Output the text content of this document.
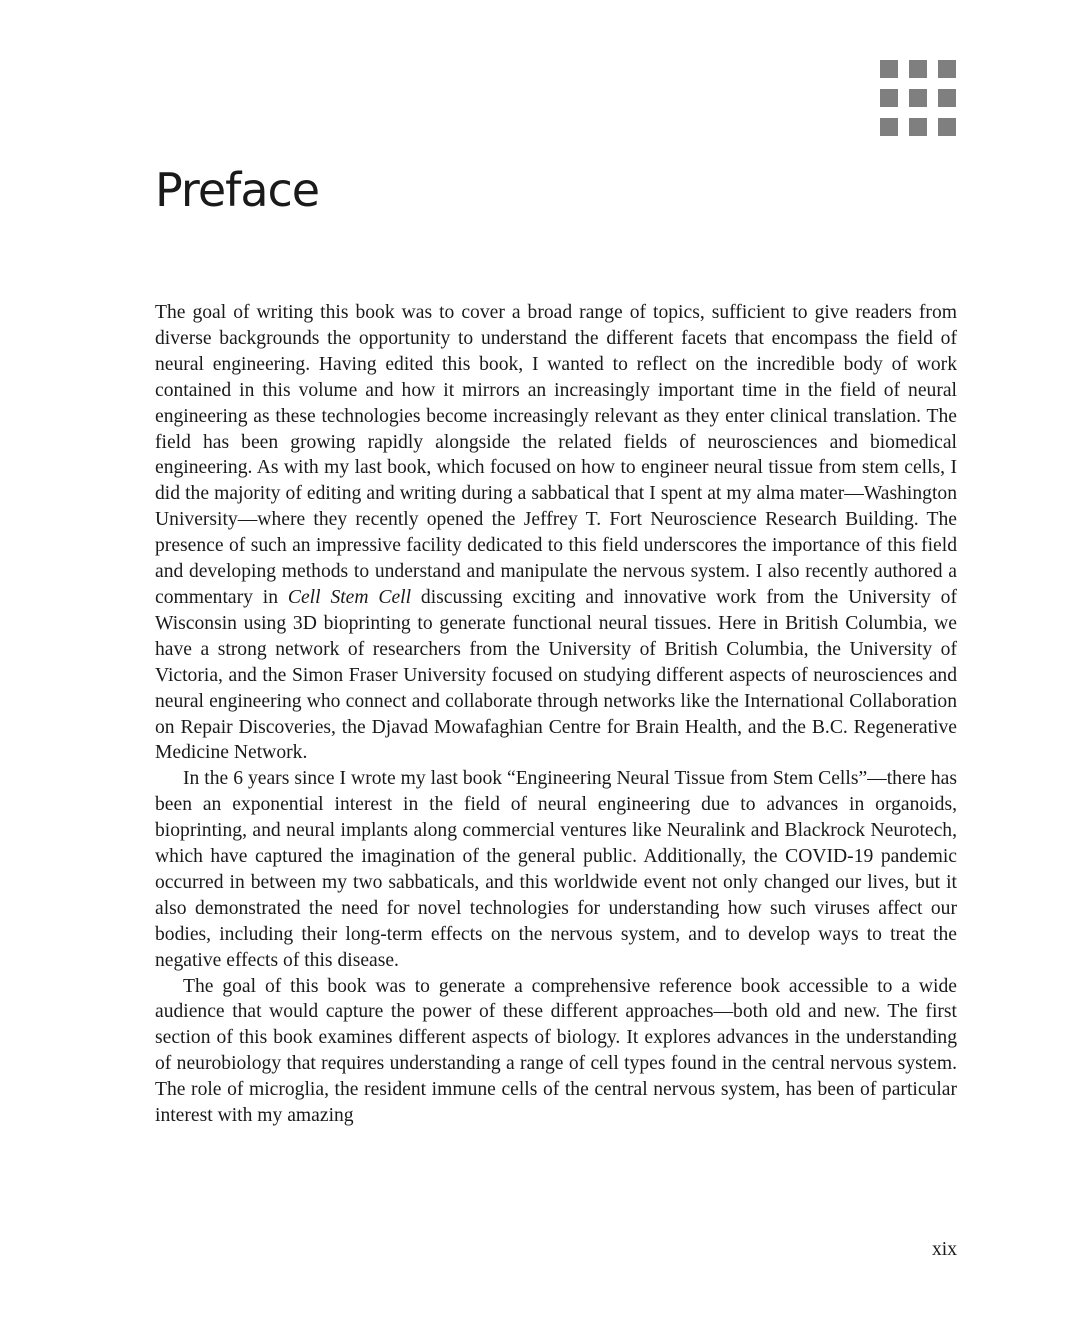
Preface

The goal of writing this book was to cover a broad range of topics, sufficient to give readers from diverse backgrounds the opportunity to understand the different facets that encompass the field of neural engineering. Having edited this book, I wanted to reflect on the incredible body of work contained in this volume and how it mirrors an increasingly important time in the field of neural engineering as these technologies become increasingly relevant as they enter clinical translation. The field has been growing rapidly alongside the related fields of neurosciences and biomedical engineering. As with my last book, which focused on how to engineer neural tissue from stem cells, I did the majority of editing and writing during a sabbatical that I spent at my alma mater—Washington University—where they recently opened the Jeffrey T. Fort Neuroscience Research Building. The presence of such an impressive facility dedicated to this field underscores the importance of this field and developing methods to understand and manipulate the nervous system. I also recently authored a commentary in Cell Stem Cell discussing exciting and innovative work from the University of Wisconsin using 3D bioprinting to generate functional neural tissues. Here in British Columbia, we have a strong network of researchers from the University of British Columbia, the University of Victoria, and the Simon Fraser University focused on studying different aspects of neurosciences and neural engineering who connect and collaborate through networks like the International Collaboration on Repair Discoveries, the Djavad Mowafaghian Centre for Brain Health, and the B.C. Regenerative Medicine Network.

In the 6 years since I wrote my last book “Engineering Neural Tissue from Stem Cells”—there has been an exponential interest in the field of neural engineering due to advances in organoids, bioprinting, and neural implants along commercial ventures like Neuralink and Blackrock Neurotech, which have captured the imagination of the general public. Additionally, the COVID-19 pandemic occurred in between my two sabbaticals, and this worldwide event not only changed our lives, but it also demonstrated the need for novel technologies for understanding how such viruses affect our bodies, including their long-term effects on the nervous system, and to develop ways to treat the negative effects of this disease.

The goal of this book was to generate a comprehensive reference book accessible to a wide audience that would capture the power of these different approaches—both old and new. The first section of this book examines different aspects of biology. It explores advances in the understanding of neurobiology that requires understanding a range of cell types found in the central nervous system. The role of microglia, the resident immune cells of the central nervous system, has been of particular interest with my amazing

xix
